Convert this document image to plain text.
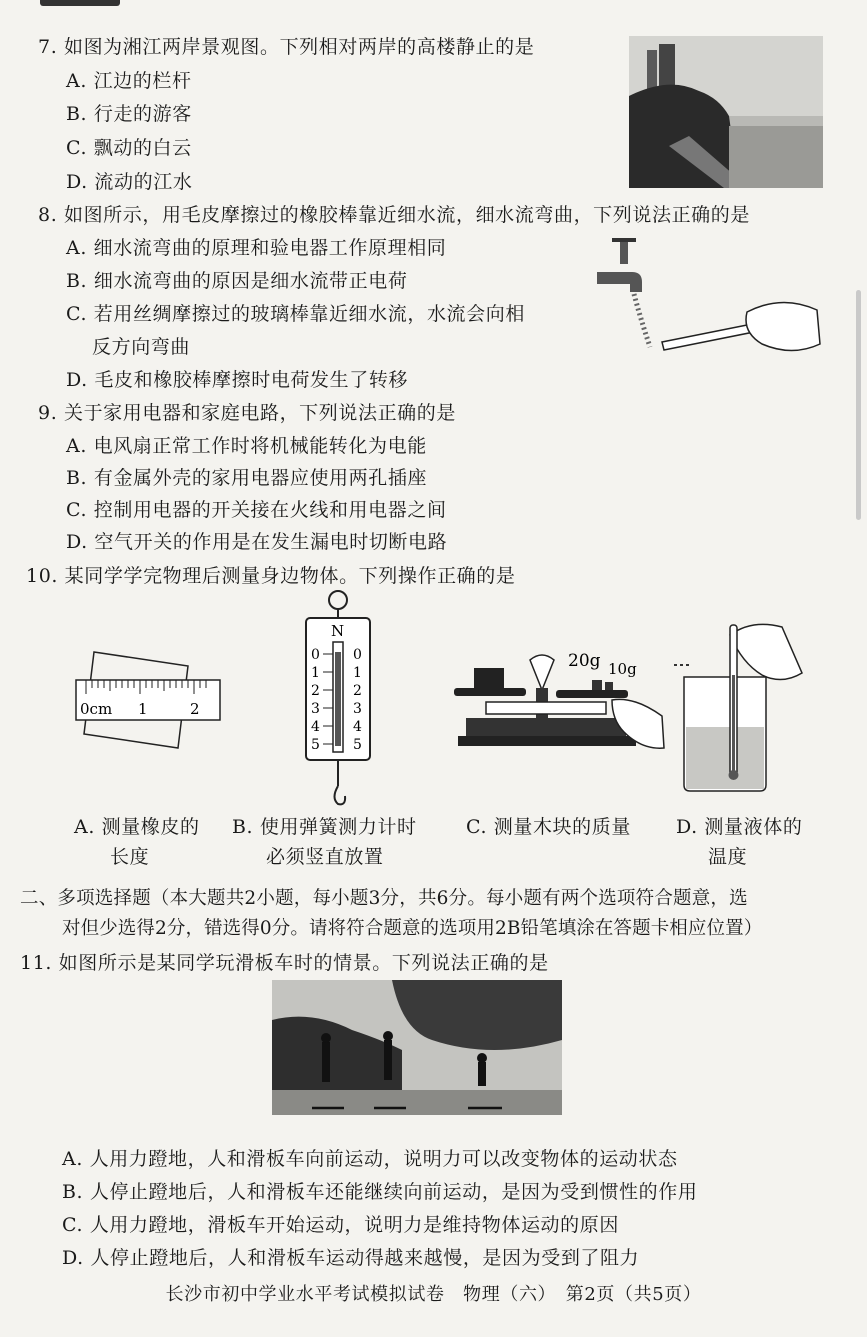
7. 如图为湘江两岸景观图。下列相对两岸的高楼静止的是
A. 江边的栏杆
B. 行走的游客
C. 飘动的白云
D. 流动的江水
8. 如图所示，用毛皮摩擦过的橡胶棒靠近细水流，细水流弯曲，下列说法正确的是
A. 细水流弯曲的原理和验电器工作原理相同
B. 细水流弯曲的原因是细水流带正电荷
C. 若用丝绸摩擦过的玻璃棒靠近细水流，水流会向相
反方向弯曲
D. 毛皮和橡胶棒摩擦时电荷发生了转移
9. 关于家用电器和家庭电路，下列说法正确的是
A. 电风扇正常工作时将机械能转化为电能
B. 有金属外壳的家用电器应使用两孔插座
C. 控制用电器的开关接在火线和用电器之间
D. 空气开关的作用是在发生漏电时切断电路
10. 某同学学完物理后测量身边物体。下列操作正确的是
0cm 1	2
N
0 0
1 1
2 2
3 3
4 4
5 5
20g 10g
A. 测量橡皮的
长度
B. 使用弹簧测力计时
必须竖直放置
C. 测量木块的质量 D. 测量液体的
温度
二、多项选择题（本大题共2小题，每小题3分，共6分。每小题有两个选项符合题意，选
对但少选得2分，错选得0分。请将符合题意的选项用2B铅笔填涂在答题卡相应位置）
11. 如图所示是某同学玩滑板车时的情景。下列说法正确的是
A. 人用力蹬地，人和滑板车向前运动，说明力可以改变物体的运动状态
B. 人停止蹬地后，人和滑板车还能继续向前运动，是因为受到惯性的作用
C. 人用力蹬地，滑板车开始运动，说明力是维持物体运动的原因
D. 人停止蹬地后，人和滑板车运动得越来越慢，是因为受到了阻力
长沙市初中学业水平考试模拟试卷　物理（六）　第2页（共5页）
